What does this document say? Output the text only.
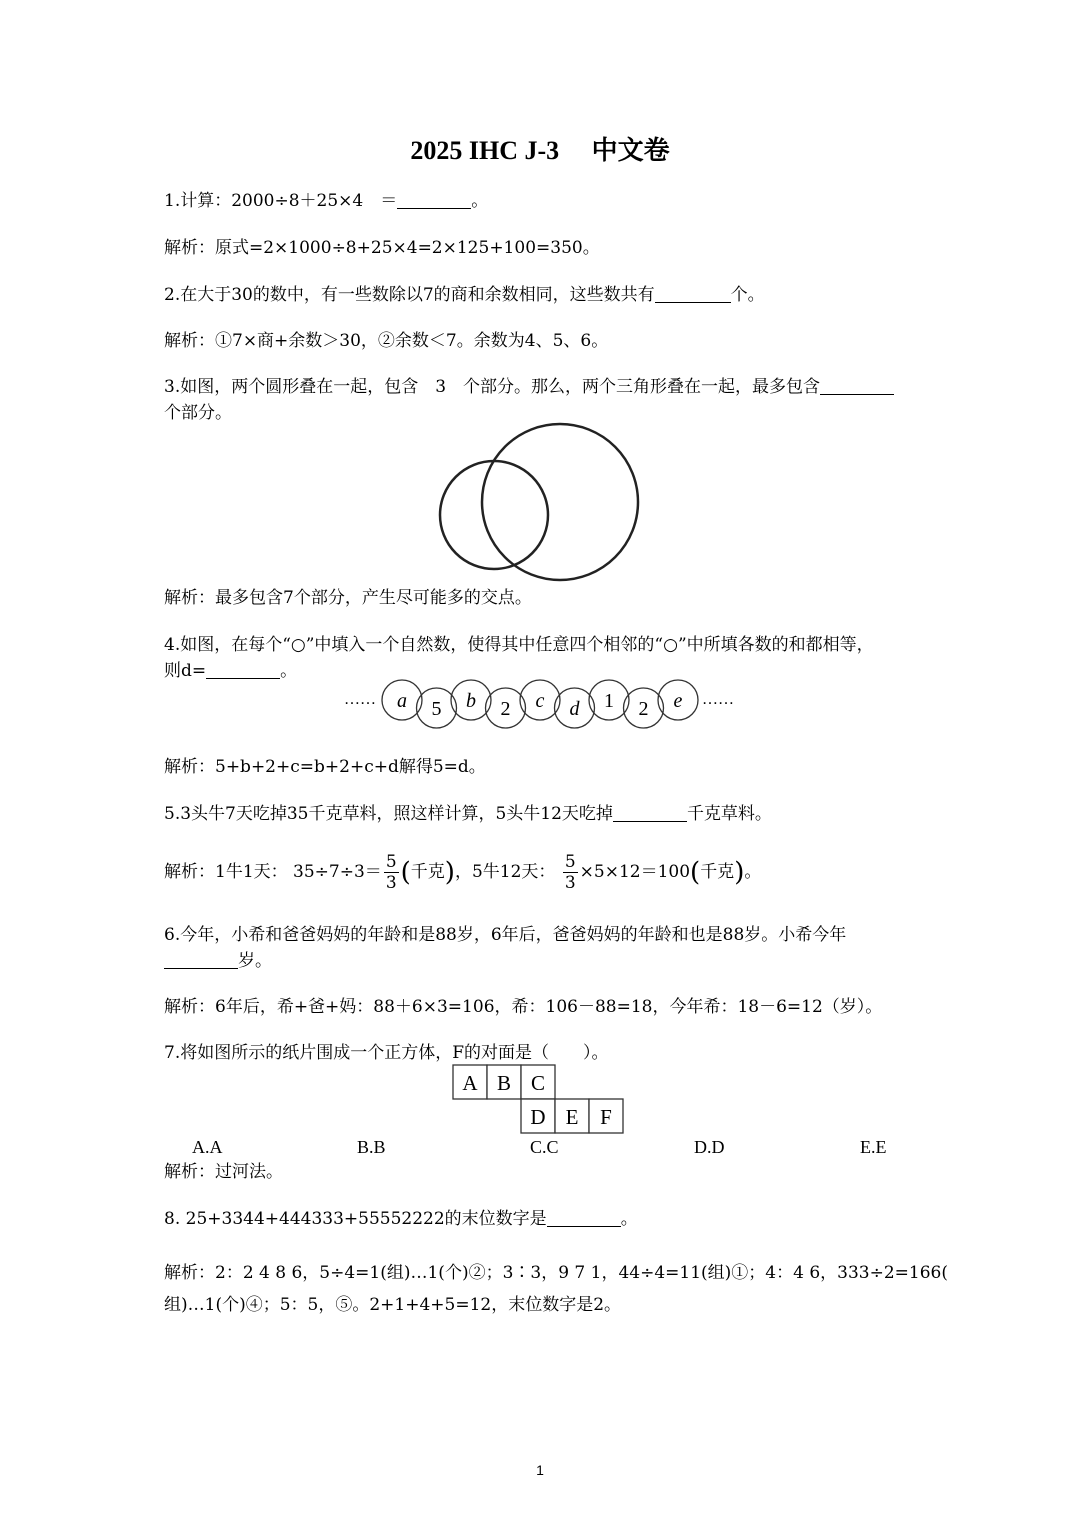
2025 IHC J-3　 中文卷
1.计算：2000÷8＋25×4　＝	。
解析：原式=2×1000÷8+25×4=2×125+100=350。
2.在大于30的数中，有一些数除以7的商和余数相同，这些数共有	个。
解析：①7×商+余数＞30，②余数＜7。余数为4、5、6。
3.如图，两个圆形叠在一起，包含　3　个部分。那么，两个三角形叠在一起，最多包含
个部分。
解析：最多包含7个部分，产生尽可能多的交点。
4.如图，在每个“○”中填入一个自然数，使得其中任意四个相邻的“○”中所填各数的和都相等，
则d=	。
…… a 5 b 2 c d 1 2 e ……
解析：5+b+2+c=b+2+c+d解得5=d。
5.3头牛7天吃掉35千克草料，照这样计算，5头牛12天吃掉	千克草料。
解析：1牛1天： $35\div 7\div 3= \frac{5}{3}$ (千克)，5牛12天： $\frac{5}{3} \times 5\times 12=100$(千克)。
6.今年，小希和爸爸妈妈的年龄和是88岁，6年后，爸爸妈妈的年龄和也是88岁。小希今年
岁。
解析：6年后，希+爸+妈：88＋6×3=106，希：106－88=18，今年希：18－6=12（岁）。
7.将如图所示的纸片围成一个正方体，F的对面是（　　）。
A B C
D E F
A.A	B.B	C.C	D.D	E.E
解析：过河法。
8. 25+3344+444333+55552222的末位数字是	。
解析：2：2 4 8 6，5÷4=1(组)…1(个)②；3∶3，9 7 1，44÷4=11(组)①；4：4 6，333÷2=166(
组)…1(个)④；5：5，⑤。2+1+4+5=12，末位数字是2。
1
